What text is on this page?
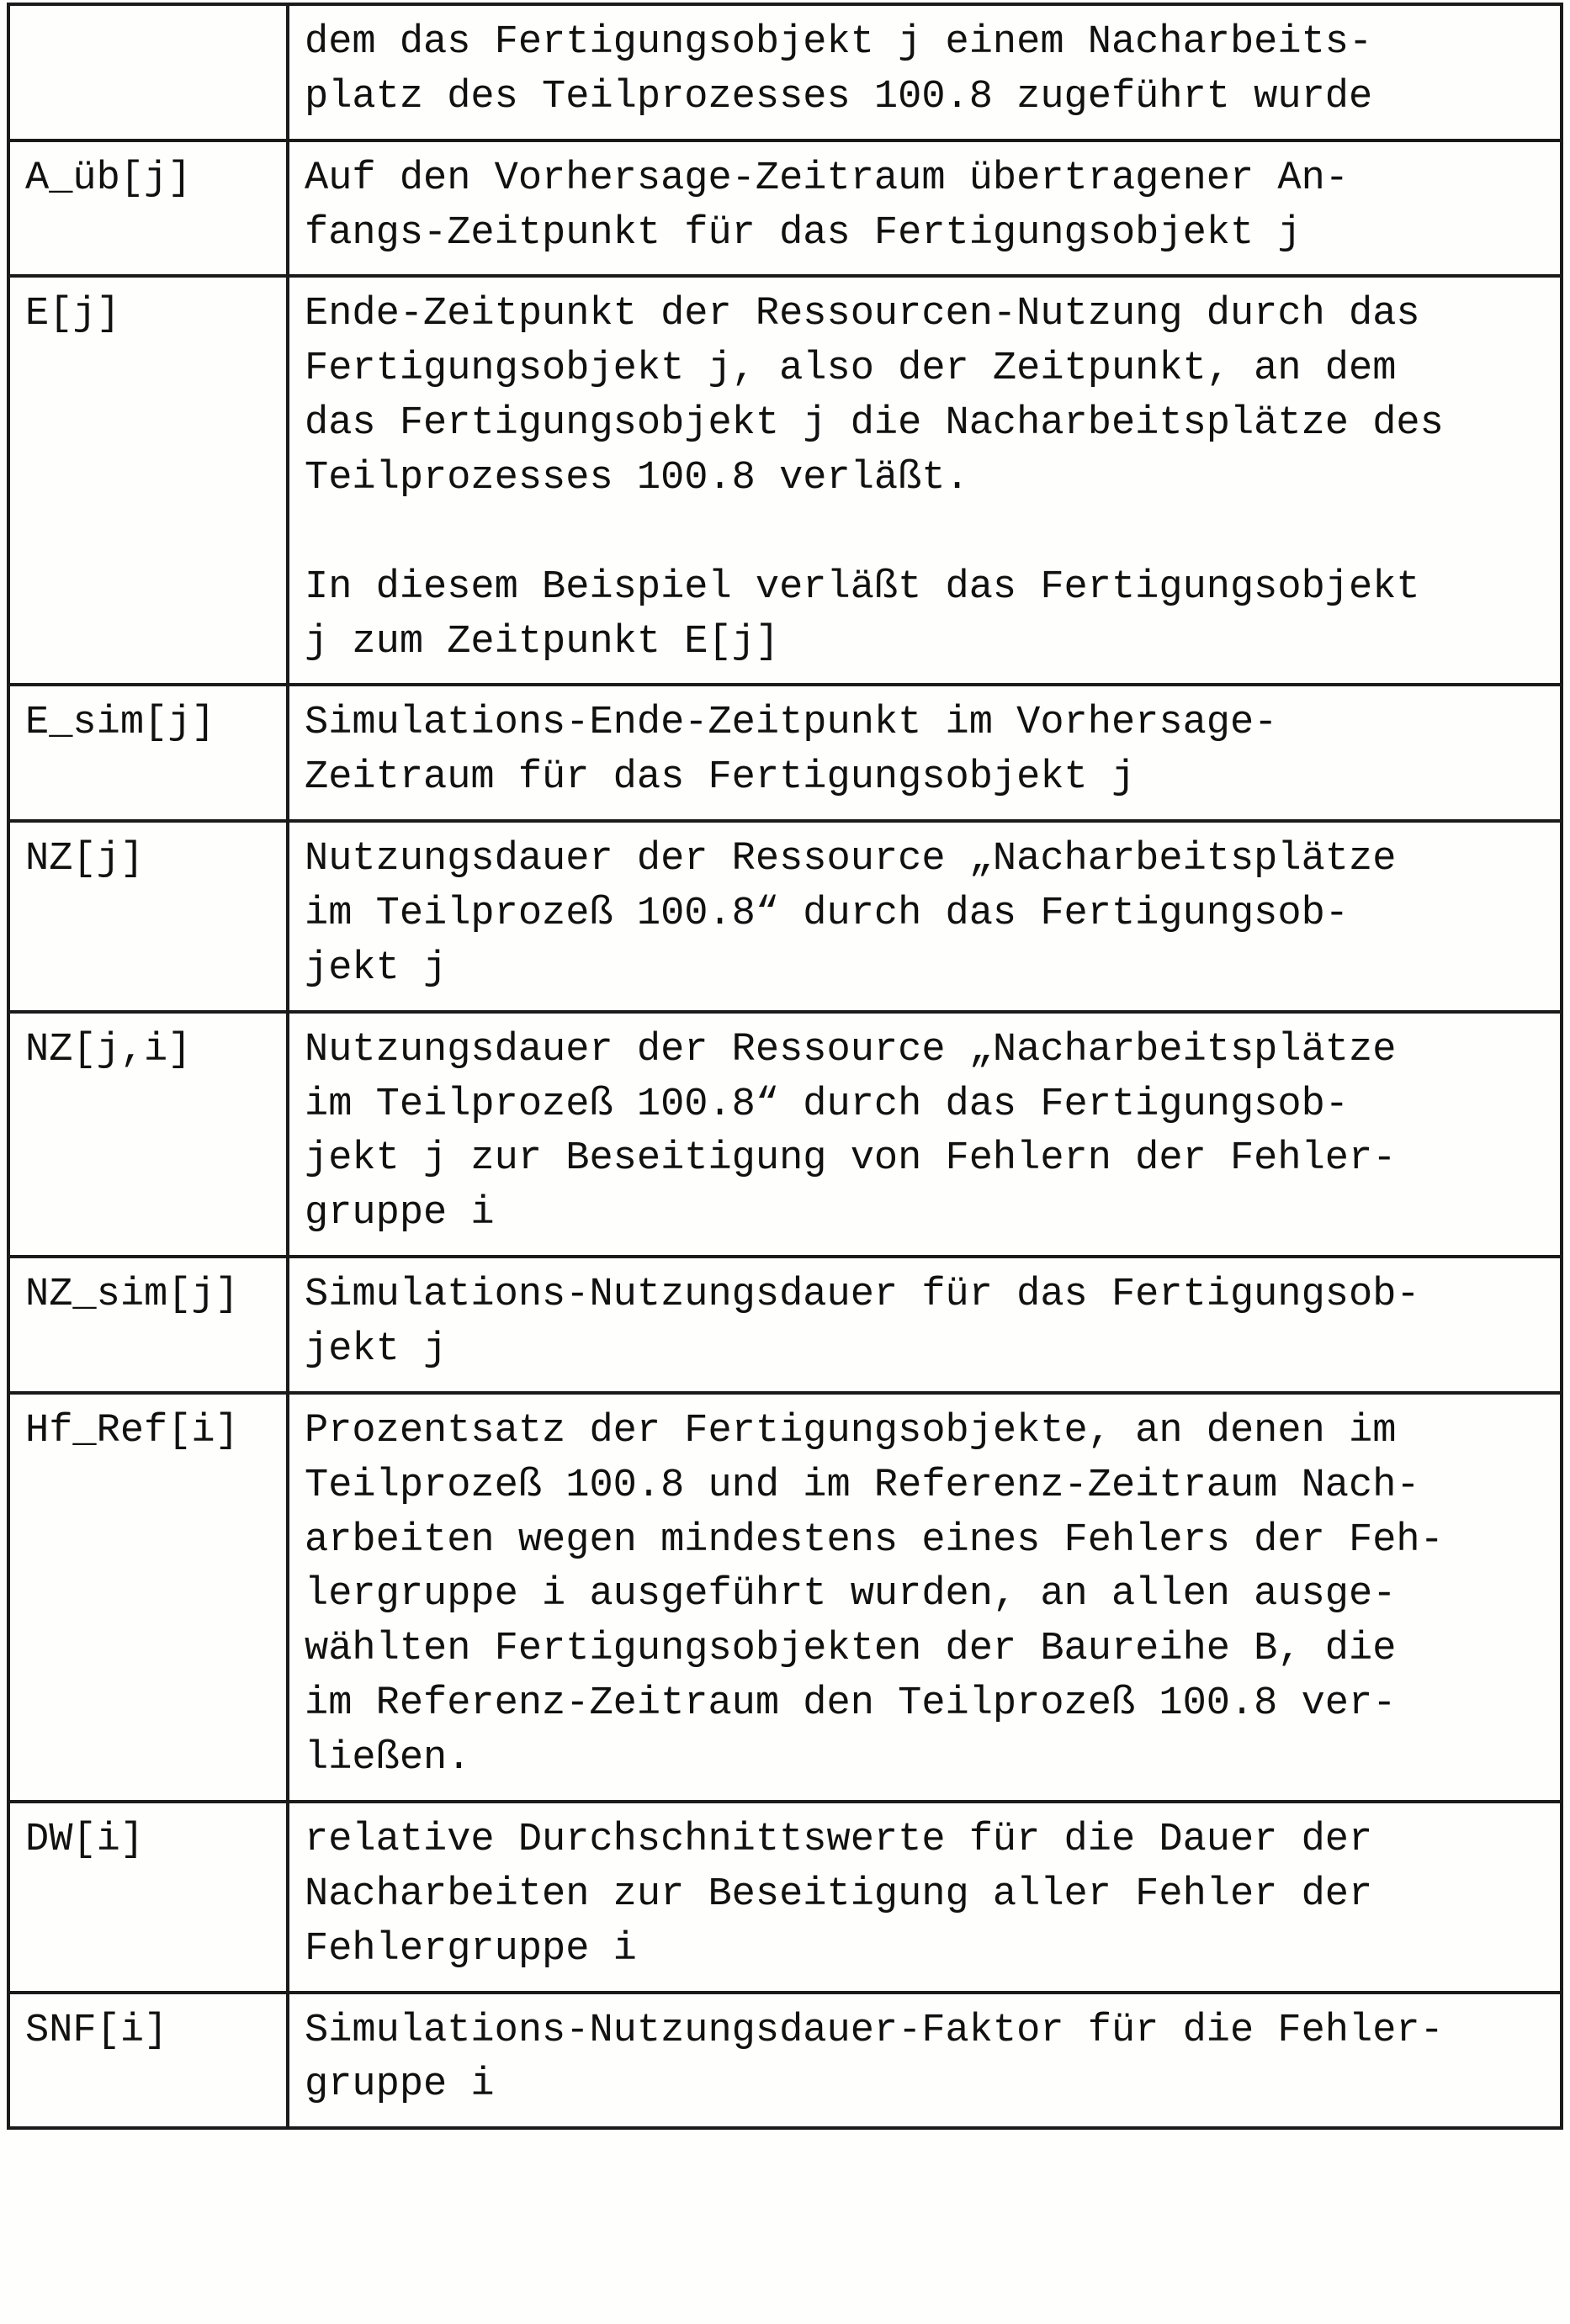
	dem das Fertigungsobjekt j einem Nacharbeits-
platz des Teilprozesses 100.8 zugeführt wurde
A_üb[j]	Auf den Vorhersage-Zeitraum übertragener An-
fangs-Zeitpunkt für das Fertigungsobjekt j
E[j]	Ende-Zeitpunkt der Ressourcen-Nutzung durch das
Fertigungsobjekt j, also der Zeitpunkt, an dem
das Fertigungsobjekt j die Nacharbeitsplätze des
Teilprozesses 100.8 verläßt.

In diesem Beispiel verläßt das Fertigungsobjekt
j zum Zeitpunkt E[j]
E_sim[j]	Simulations-Ende-Zeitpunkt im Vorhersage-
Zeitraum für das Fertigungsobjekt j
NZ[j]	Nutzungsdauer der Ressource „Nacharbeitsplätze
im Teilprozeß 100.8“ durch das Fertigungsob-
jekt j
NZ[j,i]	Nutzungsdauer der Ressource „Nacharbeitsplätze
im Teilprozeß 100.8“ durch das Fertigungsob-
jekt j zur Beseitigung von Fehlern der Fehler-
gruppe i
NZ_sim[j]	Simulations-Nutzungsdauer für das Fertigungsob-
jekt j
Hf_Ref[i]	Prozentsatz der Fertigungsobjekte, an denen im
Teilprozeß 100.8 und im Referenz-Zeitraum Nach-
arbeiten wegen mindestens eines Fehlers der Feh-
lergruppe i ausgeführt wurden, an allen ausge-
wählten Fertigungsobjekten der Baureihe B, die
im Referenz-Zeitraum den Teilprozeß 100.8 ver-
ließen.
DW[i]	relative Durchschnittswerte für die Dauer der
Nacharbeiten zur Beseitigung aller Fehler der
Fehlergruppe i
SNF[i]	Simulations-Nutzungsdauer-Faktor für die Fehler-
gruppe i
